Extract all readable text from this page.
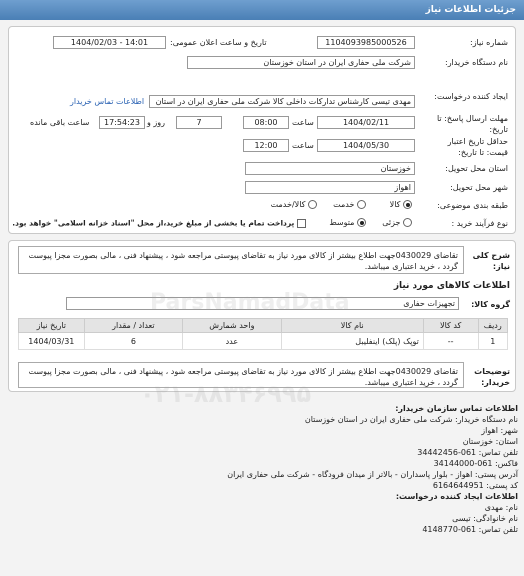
جزئیات اطلاعات نیاز
شماره نیاز:
1104093985000526
تاریخ و ساعت اعلان عمومی:
1404/02/03 - 14:01
نام دستگاه خریدار:
شرکت ملی حفاری ایران در استان خوزستان
ایجاد کننده درخواست:
مهدی تیسی کارشناس تدارکات داخلی کالا شرکت ملی حفاری ایران در استان
اطلاعات تماس خریدار
مهلت ارسال پاسخ: تا تاریخ:
1404/02/11
ساعت
08:00
7
روز و
17:54:23
ساعت باقی مانده
حداقل تاریخ اعتبار قیمت: تا تاریخ:
1404/05/30
ساعت
12:00
استان محل تحویل:
خوزستان
شهر محل تحویل:
اهواز
طبقه بندی موضوعی:
کالا
خدمت
کالا/خدمت
نوع فرآیند خرید :
جزئی
متوسط
پرداخت تمام یا بخشی از مبلغ خرید،از محل "اسناد خزانه اسلامی" خواهد بود.
شرح کلی نیاز:
تقاضای 0430029جهت اطلاع بیشتر از کالای مورد نیاز به تقاضای پیوستی مراجعه شود ، پیشنهاد فنی ، مالی بصورت مجزا پیوست گردد ، خرید اعتباری میباشد.
اطلاعات کالاهای مورد نیاز
گروه کالا:
تجهیزات حفاری
ردیف	کد کالا	نام کالا	واحد شمارش	تعداد / مقدار	تاریخ نیاز
1	--	توپک (پلک) اینفلیبل	عدد	6	1404/03/31
توضیحات خریدار:
تقاضای 0430029جهت اطلاع بیشتر از کالای مورد نیاز به تقاضای پیوستی مراجعه شود ، پیشنهاد فنی ، مالی بصورت مجزا پیوست گردد ، خرید اعتباری میباشد.
اطلاعات تماس سازمان خریدار:
نام دستگاه خریدار: شرکت ملی حفاری ایران در استان خوزستان
شهر: اهواز
استان: خوزستان
تلفن تماس: 061-34442456
فاکس: 061-34144000
آدرس پستی: اهواز - بلوار پاسداران - بالاتر از میدان فرودگاه - شرکت ملی حفاری ایران
کد پستی: 6164644951
اطلاعات ایجاد کننده درخواست:
نام: مهدی
نام خانوادگی: تیسی
تلفن تماس: 061-4148770
ParsNamadData
۰۲۱-۸۸۳۴۶۹۹۵
